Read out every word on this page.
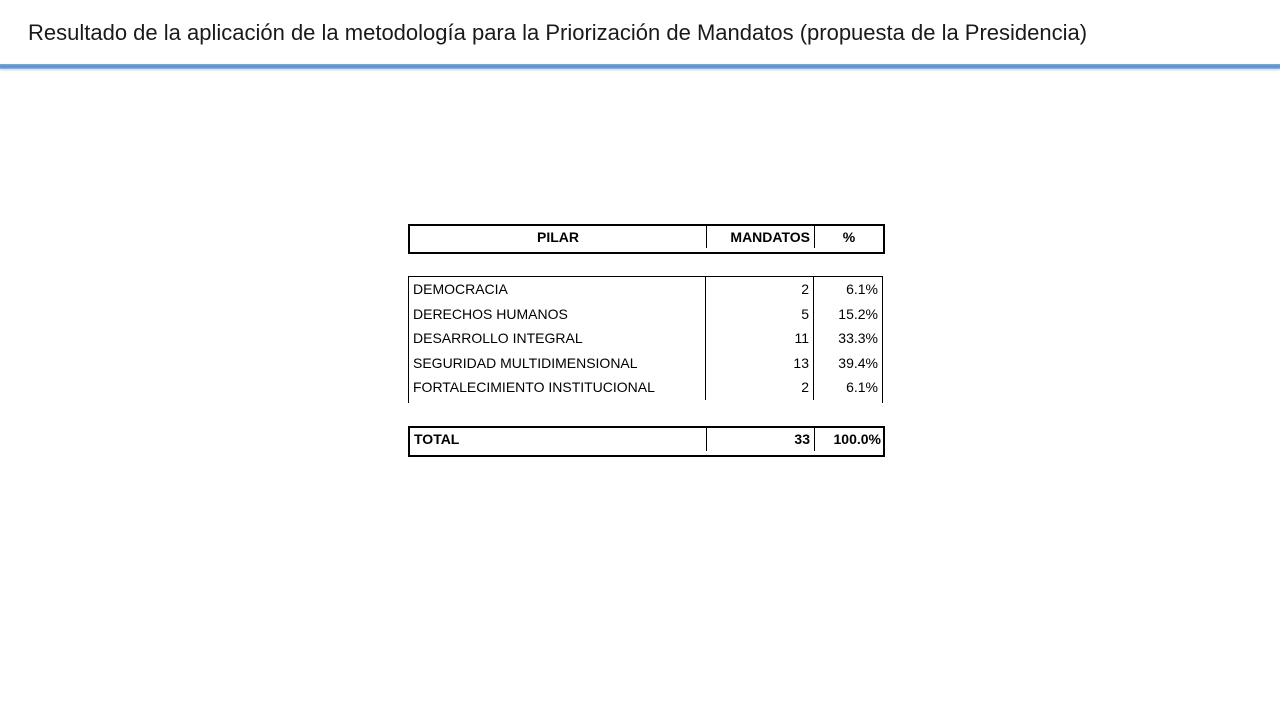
Resultado de la aplicación de la metodología para la Priorización de Mandatos (propuesta de la Presidencia)
PILAR	MANDATOS	%
DEMOCRACIA	2	6.1%
DERECHOS HUMANOS	5	15.2%
DESARROLLO INTEGRAL	11	33.3%
SEGURIDAD MULTIDIMENSIONAL	13	39.4%
FORTALECIMIENTO INSTITUCIONAL	2	6.1%
TOTAL	33	100.0%
